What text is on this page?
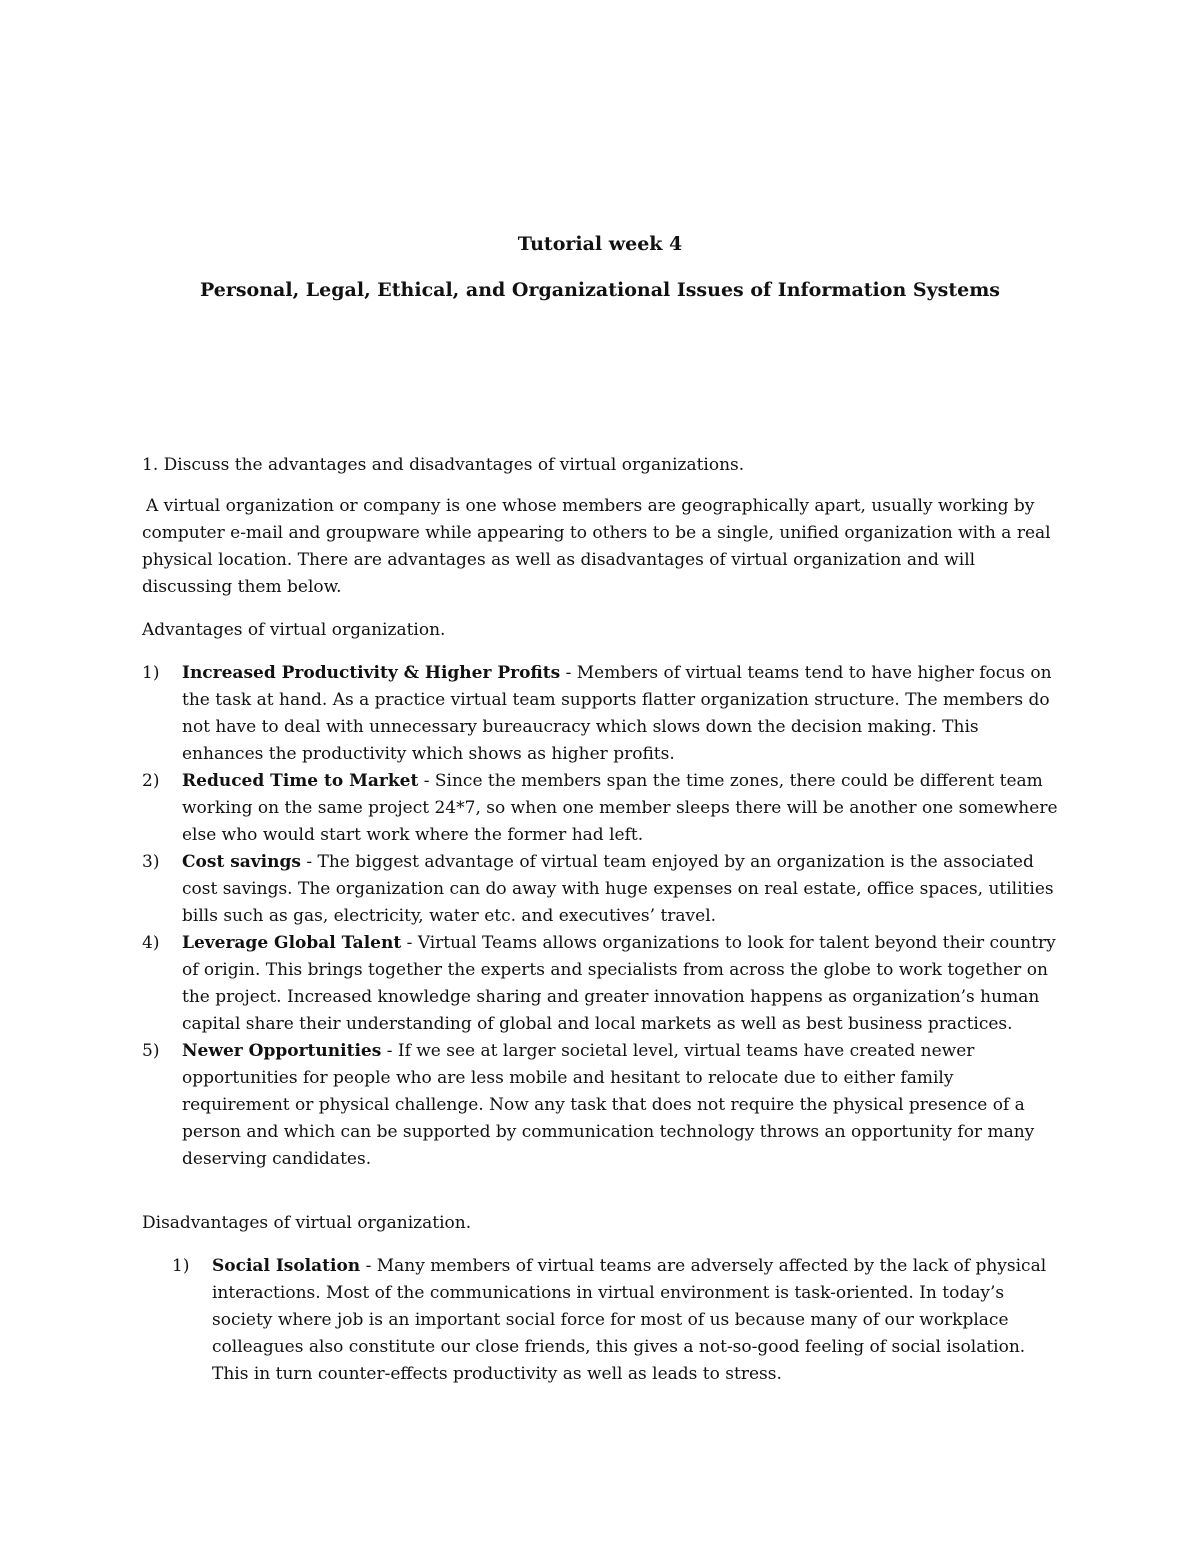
Tutorial week 4
Personal, Legal, Ethical, and Organizational Issues of Information Systems
1. Discuss the advantages and disadvantages of virtual organizations.
A virtual organization or company is one whose members are geographically apart, usually working by computer e-mail and groupware while appearing to others to be a single, unified organization with a real physical location. There are advantages as well as disadvantages of virtual organization and will discussing them below.
Advantages of virtual organization.
1)	Increased Productivity & Higher Profits - Members of virtual teams tend to have higher focus on the task at hand. As a practice virtual team supports flatter organization structure. The members do not have to deal with unnecessary bureaucracy which slows down the decision making. This enhances the productivity which shows as higher profits.
2)	Reduced Time to Market - Since the members span the time zones, there could be different team working on the same project 24*7, so when one member sleeps there will be another one somewhere else who would start work where the former had left.
3)	Cost savings - The biggest advantage of virtual team enjoyed by an organization is the associated cost savings. The organization can do away with huge expenses on real estate, office spaces, utilities bills such as gas, electricity, water etc. and executives’ travel.
4)	Leverage Global Talent - Virtual Teams allows organizations to look for talent beyond their country of origin. This brings together the experts and specialists from across the globe to work together on the project. Increased knowledge sharing and greater innovation happens as organization’s human capital share their understanding of global and local markets as well as best business practices.
5)	Newer Opportunities - If we see at larger societal level, virtual teams have created newer opportunities for people who are less mobile and hesitant to relocate due to either family requirement or physical challenge. Now any task that does not require the physical presence of a person and which can be supported by communication technology throws an opportunity for many deserving candidates.
Disadvantages of virtual organization.
1)	Social Isolation - Many members of virtual teams are adversely affected by the lack of physical interactions. Most of the communications in virtual environment is task-oriented. In today’s society where job is an important social force for most of us because many of our workplace colleagues also constitute our close friends, this gives a not-so-good feeling of social isolation. This in turn counter-effects productivity as well as leads to stress.
